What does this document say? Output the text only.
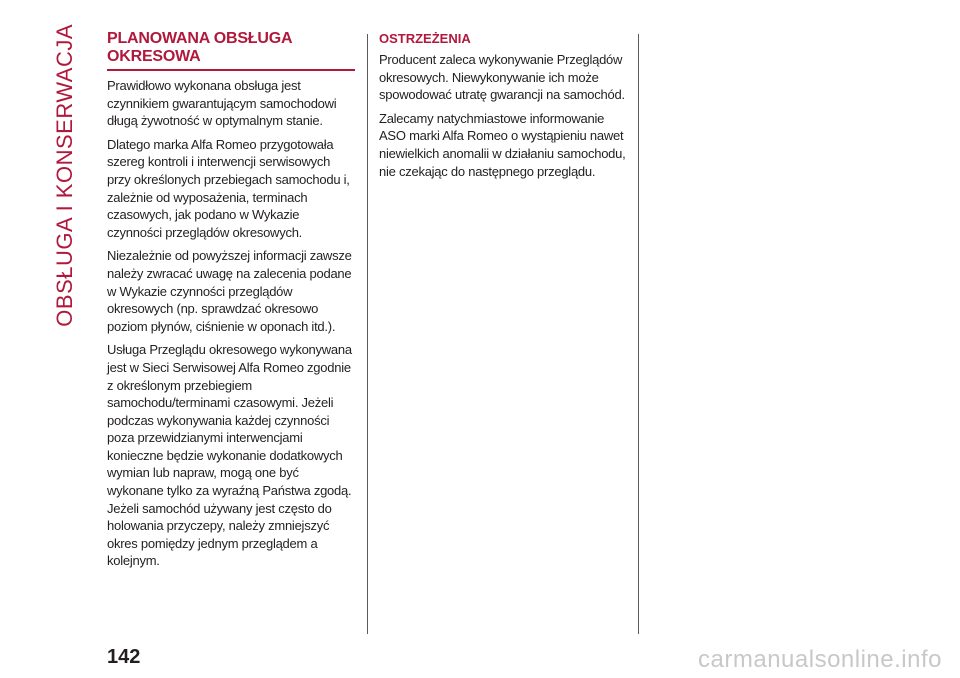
OBSŁUGA I KONSERWACJA PLANOWANA OBSŁUGA
OKRESOWA

Prawidłowo wykonana obsługa jest czynnikiem gwarantującym samochodowi długą żywotność w optymalnym stanie.

Dlatego marka Alfa Romeo przygotowała szereg kontroli i interwencji serwisowych przy określonych przebiegach samochodu i, zależnie od wyposażenia, terminach czasowych, jak podano w Wykazie czynności przeglądów okresowych.

Niezależnie od powyższej informacji zawsze należy zwracać uwagę na zalecenia podane w Wykazie czynności przeglądów okresowych (np. sprawdzać okresowo poziom płynów, ciśnienie w oponach itd.).

Usługa Przeglądu okresowego wykonywana jest w Sieci Serwisowej Alfa Romeo zgodnie z określonym przebiegiem samochodu/terminami czasowymi. Jeżeli podczas wykonywania każdej czynności poza przewidzianymi interwencjami konieczne będzie wykonanie dodatkowych wymian lub napraw, mogą one być wykonane tylko za wyraźną Państwa zgodą. Jeżeli samochód używany jest często do holowania przyczepy, należy zmniejszyć okres pomiędzy jednym przeglądem a kolejnym.

OSTRZEŻENIA

Producent zaleca wykonywanie Przeglądów okresowych. Niewykonywanie ich może spowodować utratę gwarancji na samochód.

Zalecamy natychmiastowe informowanie ASO marki Alfa Romeo o wystąpieniu nawet niewielkich anomalii w działaniu samochodu, nie czekając do następnego przeglądu.

142	carmanualsonline.info
